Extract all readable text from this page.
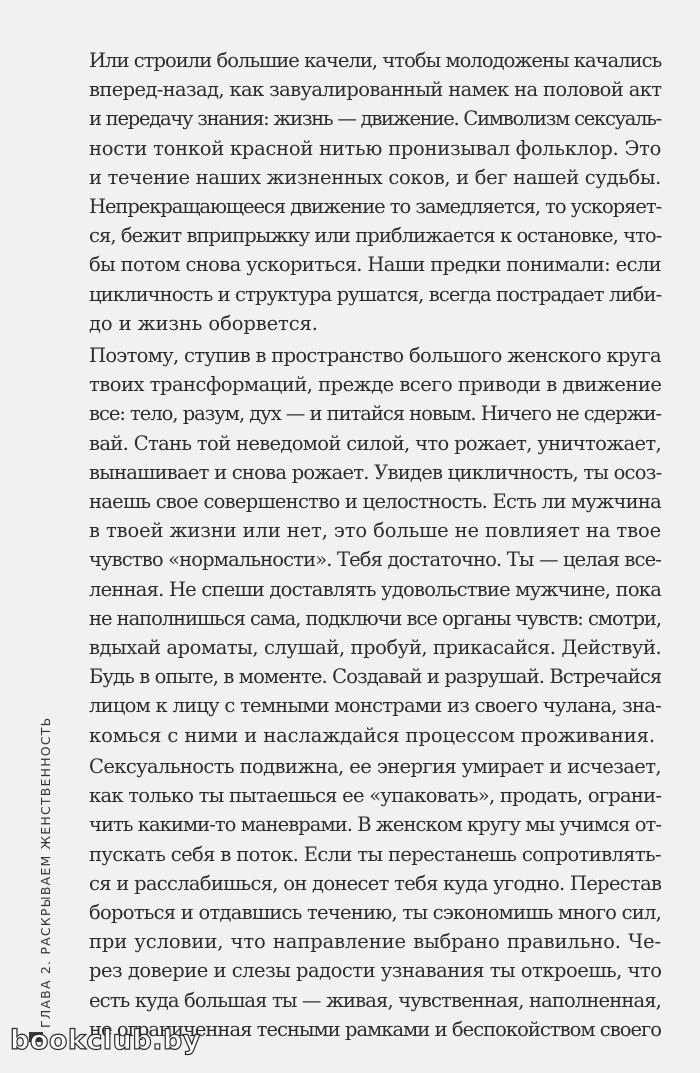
Или строили большие качели, чтобы молодожены качались
вперед-назад, как завуалированный намек на половой акт
и передачу знания: жизнь — движение. Символизм сексуаль-
ности тонкой красной нитью пронизывал фольклор. Это
и течение наших жизненных соков, и бег нашей судьбы.
Непрекращающееся движение то замедляется, то ускоряет-
ся, бежит вприпрыжку или приближается к остановке, что-
бы потом снова ускориться. Наши предки понимали: если
цикличность и структура рушатся, всегда пострадает либи-
до и жизнь оборвется.
Поэтому, ступив в пространство большого женского круга
твоих трансформаций, прежде всего приводи в движение
все: тело, разум, дух — и питайся новым. Ничего не сдержи-
вай. Стань той неведомой силой, что рожает, уничтожает,
вынашивает и снова рожает. Увидев цикличность, ты осоз-
наешь свое совершенство и целостность. Есть ли мужчина
в твоей жизни или нет, это больше не повлияет на твое
чувство «нормальности». Тебя достаточно. Ты — целая все-
ленная. Не спеши доставлять удовольствие мужчине, пока
не наполнишься сама, подключи все органы чувств: смотри,
вдыхай ароматы, слушай, пробуй, прикасайся. Действуй.
Будь в опыте, в моменте. Создавай и разрушай. Встречайся
лицом к лицу с темными монстрами из своего чулана, зна-
комься с ними и наслаждайся процессом проживания.
Сексуальность подвижна, ее энергия умирает и исчезает,
как только ты пытаешься ее «упаковать», продать, ограни-
чить какими-то маневрами. В женском кругу мы учимся от-
пускать себя в поток. Если ты перестанешь сопротивлять-
ся и расслабишься, он донесет тебя куда угодно. Перестав
бороться и отдавшись течению, ты сэкономишь много сил,
при условии, что направление выбрано правильно. Че-
рез доверие и слезы радости узнавания ты откроешь, что
есть куда большая ты — живая, чувственная, наполненная,
не ограниченная тесными рамками и беспокойством своего
ГЛАВА 2. РАСКРЫВАЕМ ЖЕНСТВЕННОСТЬ
bookclub.by
